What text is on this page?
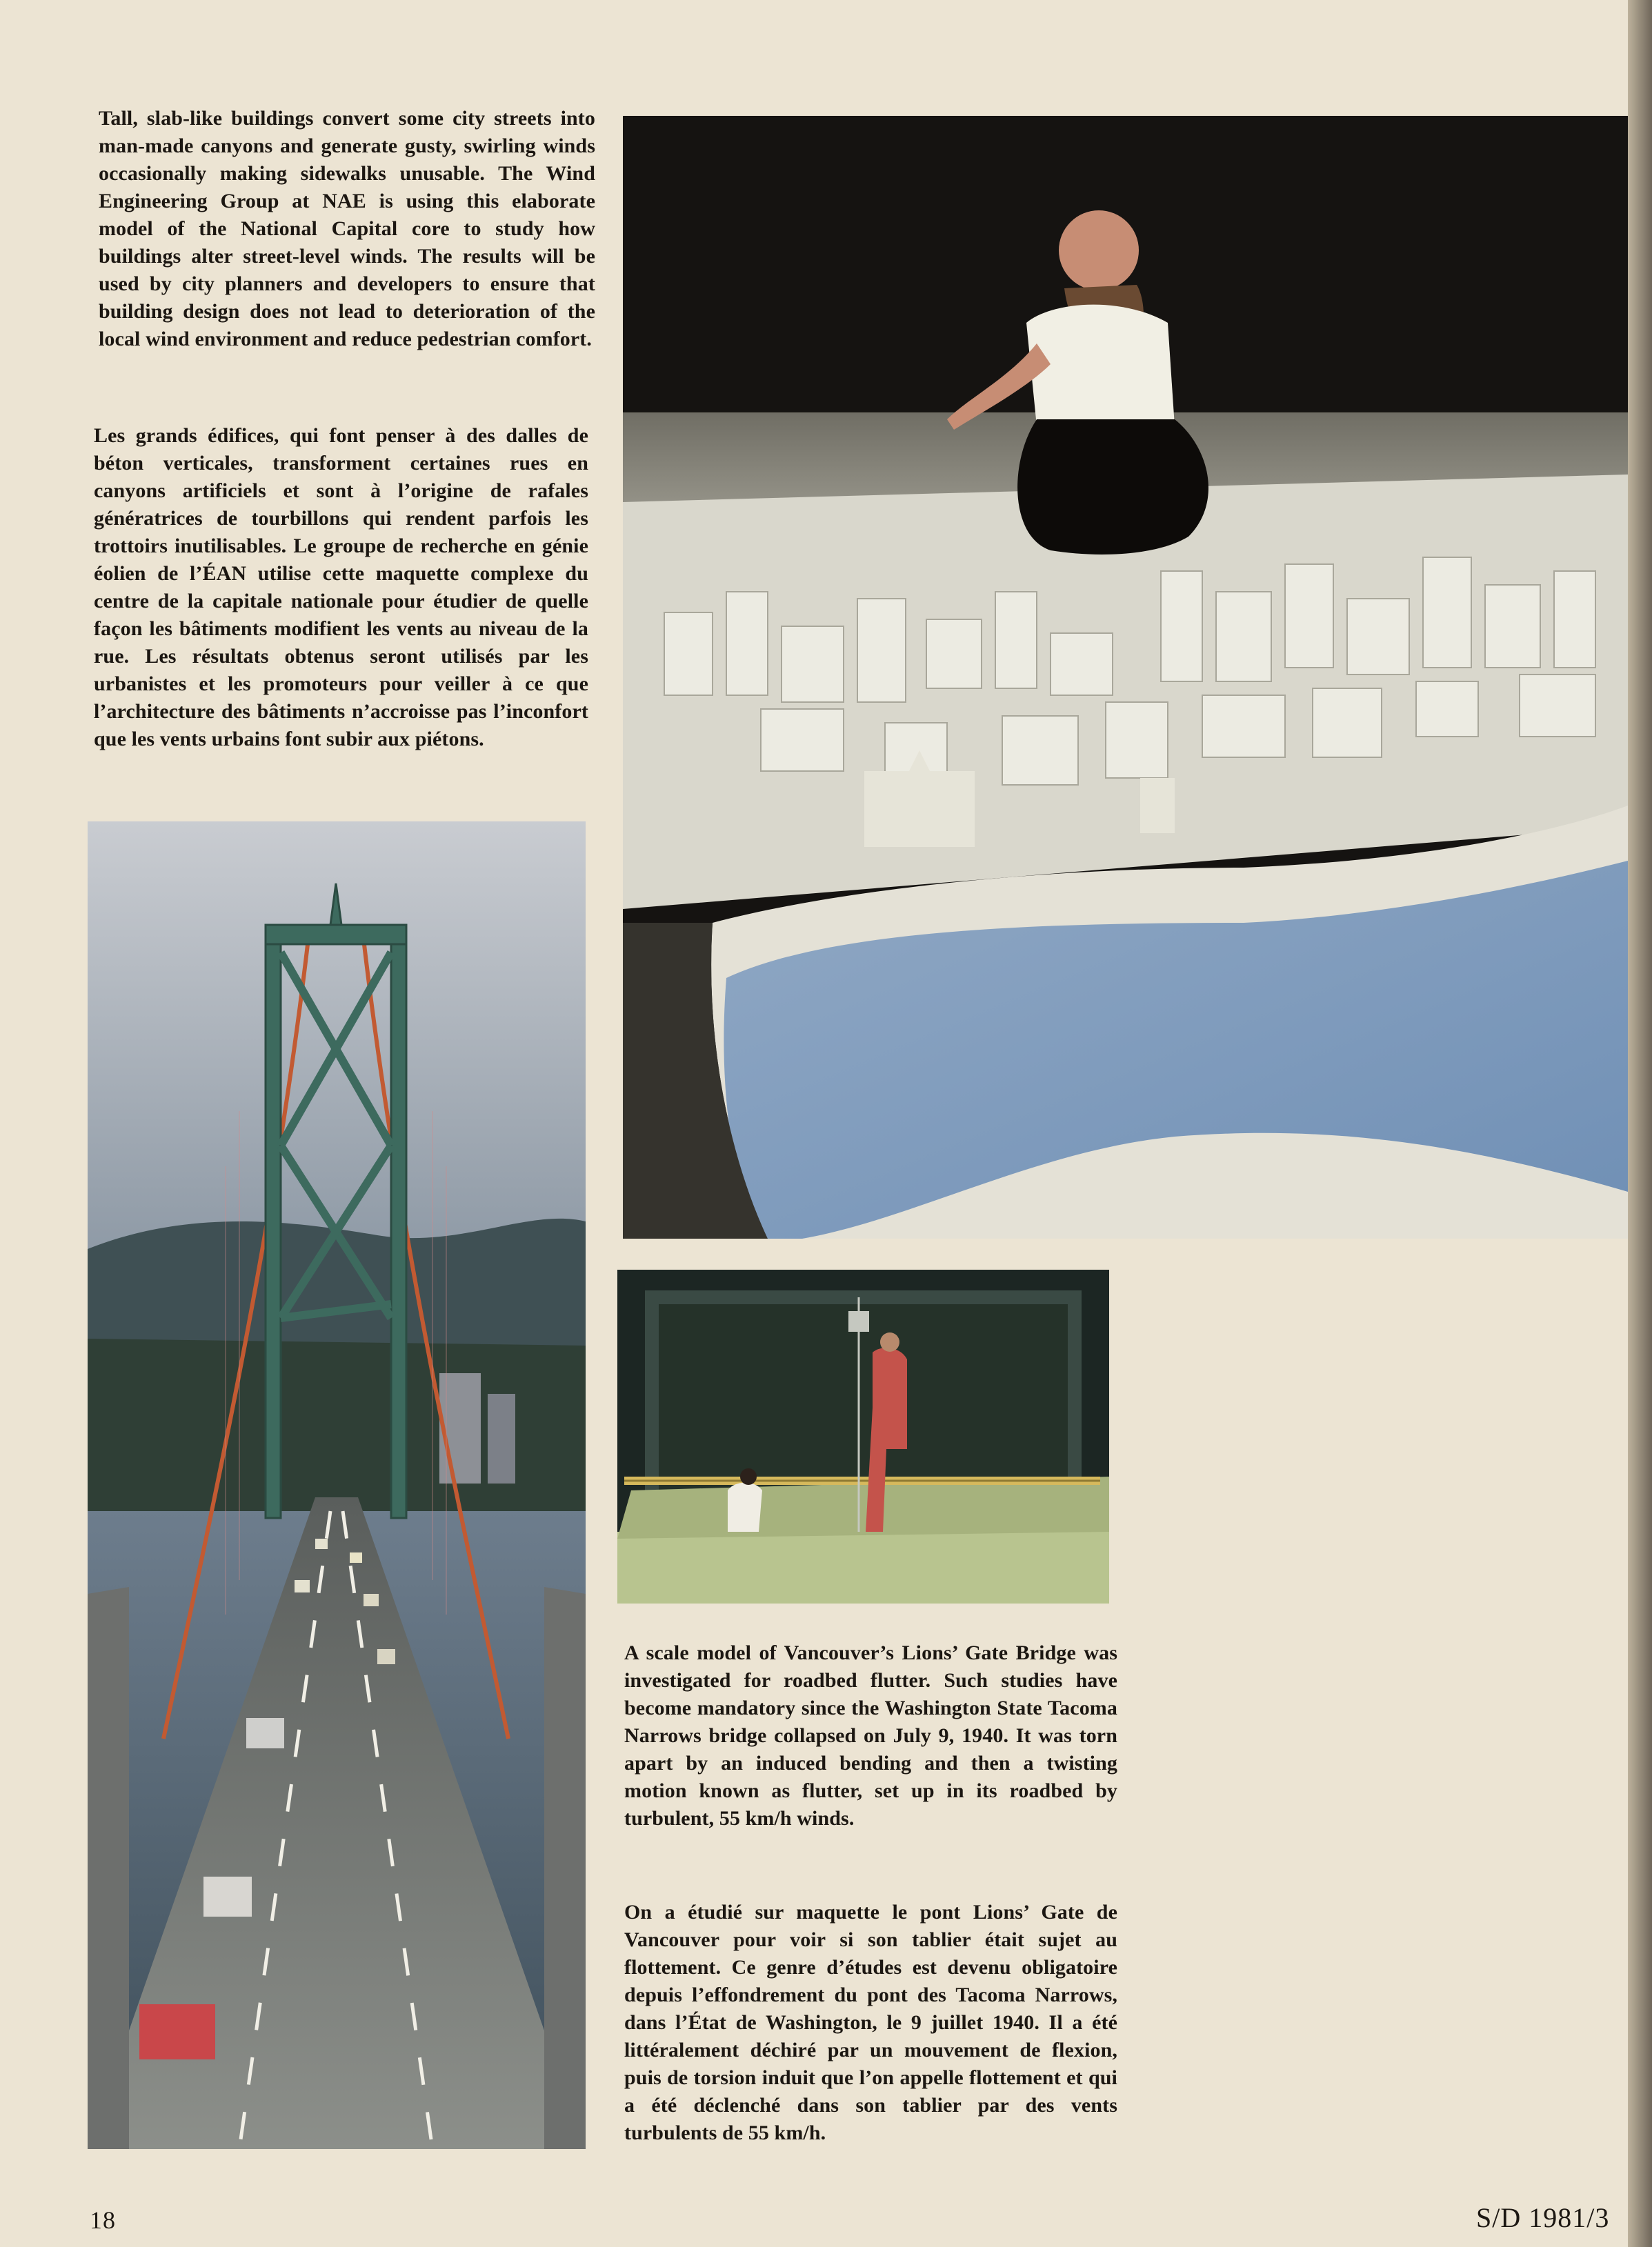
Tall, slab-like buildings convert some city streets into man-made canyons and generate gusty, swirling winds occasionally making sidewalks unusable. The Wind Engineering Group at NAE is using this elaborate model of the National Capital core to study how buildings alter street-level winds. The results will be used by city planners and developers to ensure that building design does not lead to deterioration of the local wind environment and reduce pedestrian comfort.

Les grands édifices, qui font penser à des dalles de béton verticales, transforment certaines rues en canyons artificiels et sont à l’origine de rafales génératrices de tourbillons qui rendent parfois les trottoirs inutilisables. Le groupe de recherche en génie éolien de l’ÉAN utilise cette maquette complexe du centre de la capitale nationale pour étudier de quelle façon les bâtiments modifient les vents au niveau de la rue. Les résultats obtenus seront utilisés par les urbanistes et les promoteurs pour veiller à ce que l’architecture des bâtiments n’accroisse pas l’inconfort que les vents urbains font subir aux piétons.

A scale model of Vancouver’s Lions’ Gate Bridge was investigated for roadbed flutter. Such studies have become mandatory since the Washington State Tacoma Narrows bridge collapsed on July 9, 1940. It was torn apart by an induced bending and then a twisting motion known as flutter, set up in its roadbed by turbulent, 55 km/h winds.

On a étudié sur maquette le pont Lions’ Gate de Vancouver pour voir si son tablier était sujet au flottement. Ce genre d’études est devenu obligatoire depuis l’effondrement du pont des Tacoma Narrows, dans l’État de Washington, le 9 juillet 1940. Il a été littéralement déchiré par un mouvement de flexion, puis de torsion induit que l’on appelle flottement et qui a été déclenché dans son tablier par des vents turbulents de 55 km/h.

18	S/D 1981/3
